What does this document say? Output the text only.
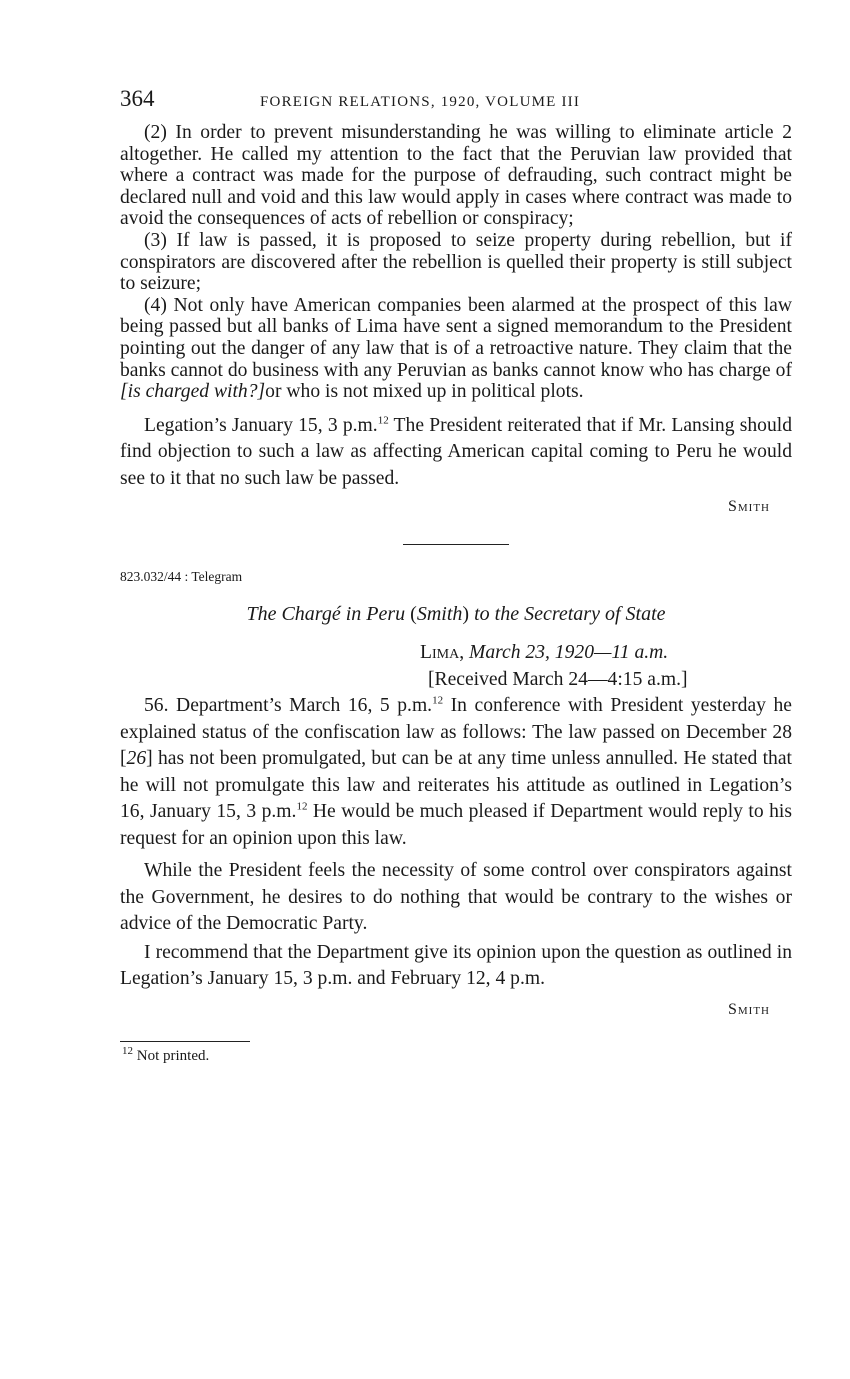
364	FOREIGN RELATIONS, 1920, VOLUME III

(2) In order to prevent misunderstanding he was willing to eliminate article 2 altogether. He called my attention to the fact that the Peruvian law provided that where a contract was made for the purpose of defrauding, such contract might be declared null and void and this law would apply in cases where contract was made to avoid the consequences of acts of rebellion or conspiracy;

(3) If law is passed, it is proposed to seize property during rebellion, but if conspirators are discovered after the rebellion is quelled their property is still subject to seizure;

(4) Not only have American companies been alarmed at the prospect of this law being passed but all banks of Lima have sent a signed memorandum to the President pointing out the danger of any law that is of a retroactive nature. They claim that the banks cannot do business with any Peruvian as banks cannot know who has charge of [is charged with?]or who is not mixed up in political plots.

Legation’s January 15, 3 p.m.$^{12}$ The President reiterated that if Mr. Lansing should find objection to such a law as affecting American capital coming to Peru he would see to it that no such law be passed.

Smith
823.032/44 : Telegram
The Chargé in Peru (Smith) to the Secretary of State
Lima, March 23, 1920—11 a.m.
[Received March 24—4:15 a.m.]

56. Department’s March 16, 5 p.m.$^{12}$ In conference with President yesterday he explained status of the confiscation law as follows: The law passed on December 28 [26] has not been promulgated, but can be at any time unless annulled. He stated that he will not promulgate this law and reiterates his attitude as outlined in Legation’s 16, January 15, 3 p.m.$^{12}$ He would be much pleased if Department would reply to his request for an opinion upon this law.

While the President feels the necessity of some control over conspirators against the Government, he desires to do nothing that would be contrary to the wishes or advice of the Democratic Party.

I recommend that the Department give its opinion upon the question as outlined in Legation’s January 15, 3 p.m. and February 12, 4 p.m.

Smith
$^{12}$ Not printed.
